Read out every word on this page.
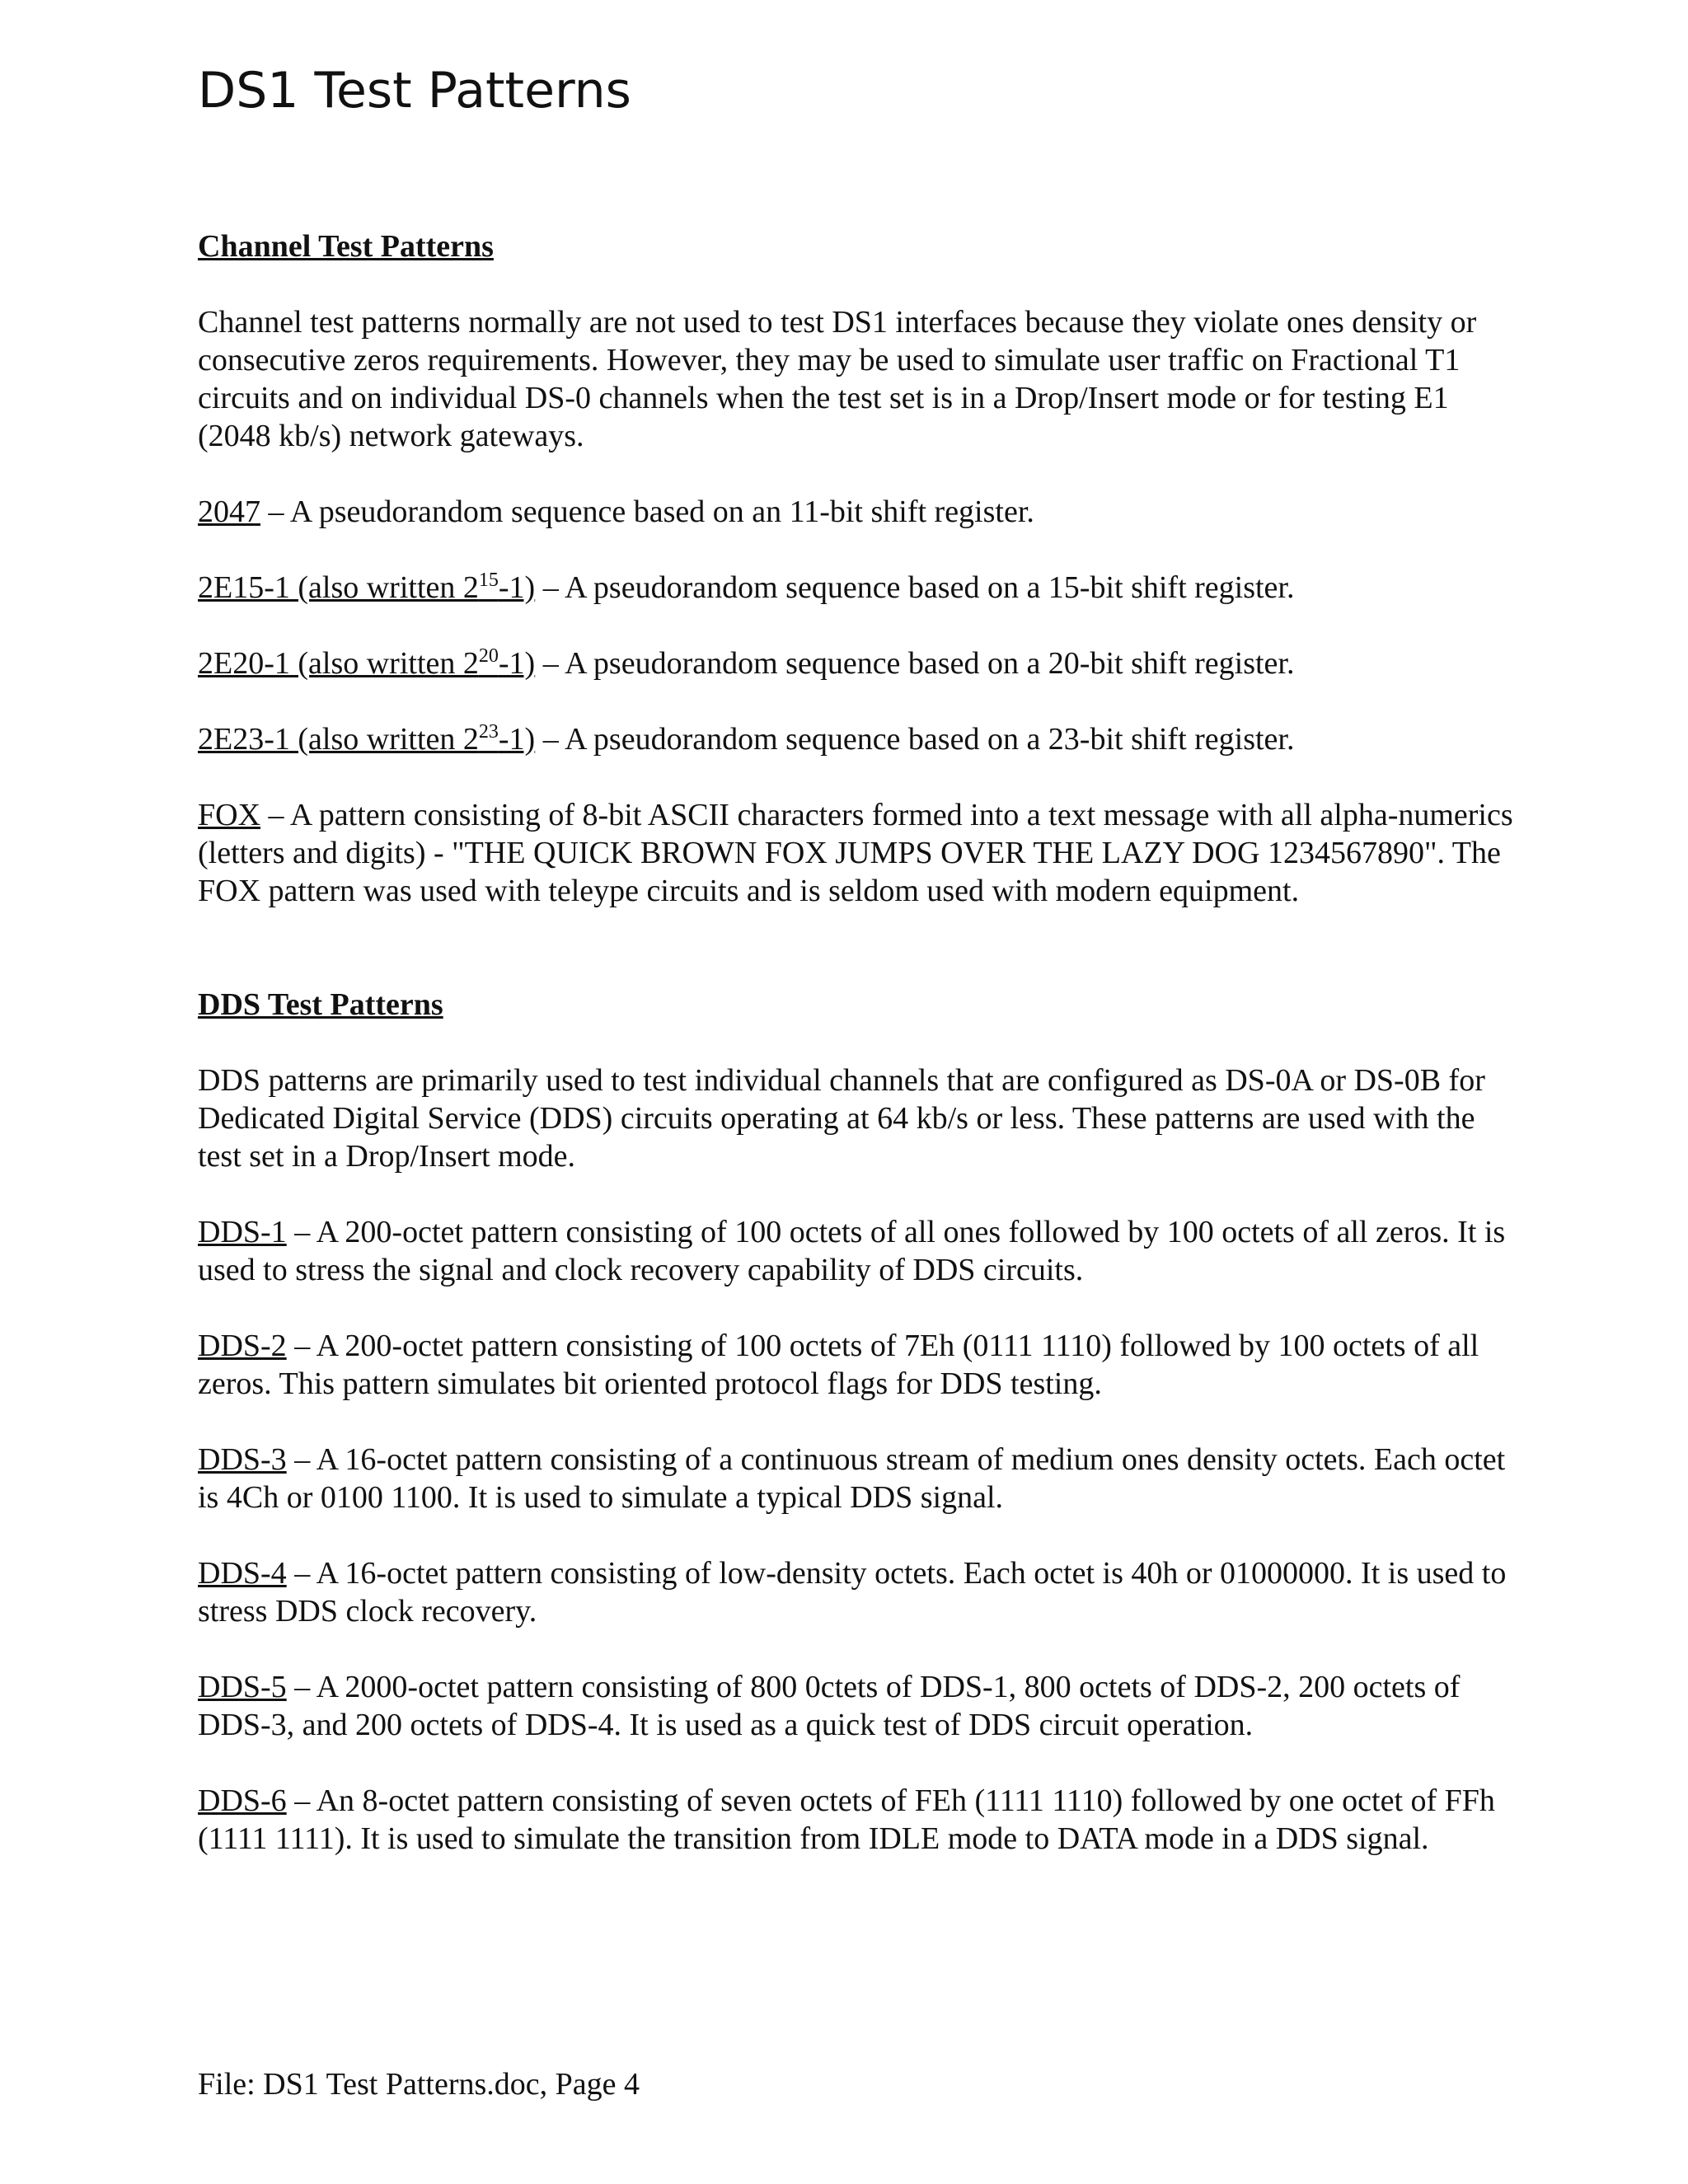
DS1 Test Patterns
Channel Test Patterns

Channel test patterns normally are not used to test DS1 interfaces because they violate ones density or consecutive zeros requirements. However, they may be used to simulate user traffic on Fractional T1 circuits and on individual DS-0 channels when the test set is in a Drop/Insert mode or for testing E1 (2048 kb/s) network gateways.

2047 – A pseudorandom sequence based on an 11-bit shift register.

2E15-1 (also written $2^{15}-1$) – A pseudorandom sequence based on a 15-bit shift register.

2E20-1 (also written $2^{20}-1$) – A pseudorandom sequence based on a 20-bit shift register.

2E23-1 (also written $2^{23}-1$) – A pseudorandom sequence based on a 23-bit shift register.

FOX – A pattern consisting of 8-bit ASCII characters formed into a text message with all alpha-numerics (letters and digits) - "THE QUICK BROWN FOX JUMPS OVER THE LAZY DOG 1234567890". The FOX pattern was used with teleype circuits and is seldom used with modern equipment.

DDS Test Patterns

DDS patterns are primarily used to test individual channels that are configured as DS-0A or DS-0B for Dedicated Digital Service (DDS) circuits operating at 64 kb/s or less. These patterns are used with the test set in a Drop/Insert mode.

DDS-1 – A 200-octet pattern consisting of 100 octets of all ones followed by 100 octets of all zeros. It is used to stress the signal and clock recovery capability of DDS circuits.

DDS-2 – A 200-octet pattern consisting of 100 octets of 7Eh (0111 1110) followed by 100 octets of all zeros. This pattern simulates bit oriented protocol flags for DDS testing.

DDS-3 – A 16-octet pattern consisting of a continuous stream of medium ones density octets. Each octet is 4Ch or 0100 1100. It is used to simulate a typical DDS signal.

DDS-4 – A 16-octet pattern consisting of low-density octets. Each octet is 40h or 01000000. It is used to stress DDS clock recovery.

DDS-5 – A 2000-octet pattern consisting of 800 0ctets of DDS-1, 800 octets of DDS-2, 200 octets of DDS-3, and 200 octets of DDS-4. It is used as a quick test of DDS circuit operation.

DDS-6 – An 8-octet pattern consisting of seven octets of FEh (1111 1110) followed by one octet of FFh (1111 1111). It is used to simulate the transition from IDLE mode to DATA mode in a DDS signal.

File: DS1 Test Patterns.doc, Page 4
